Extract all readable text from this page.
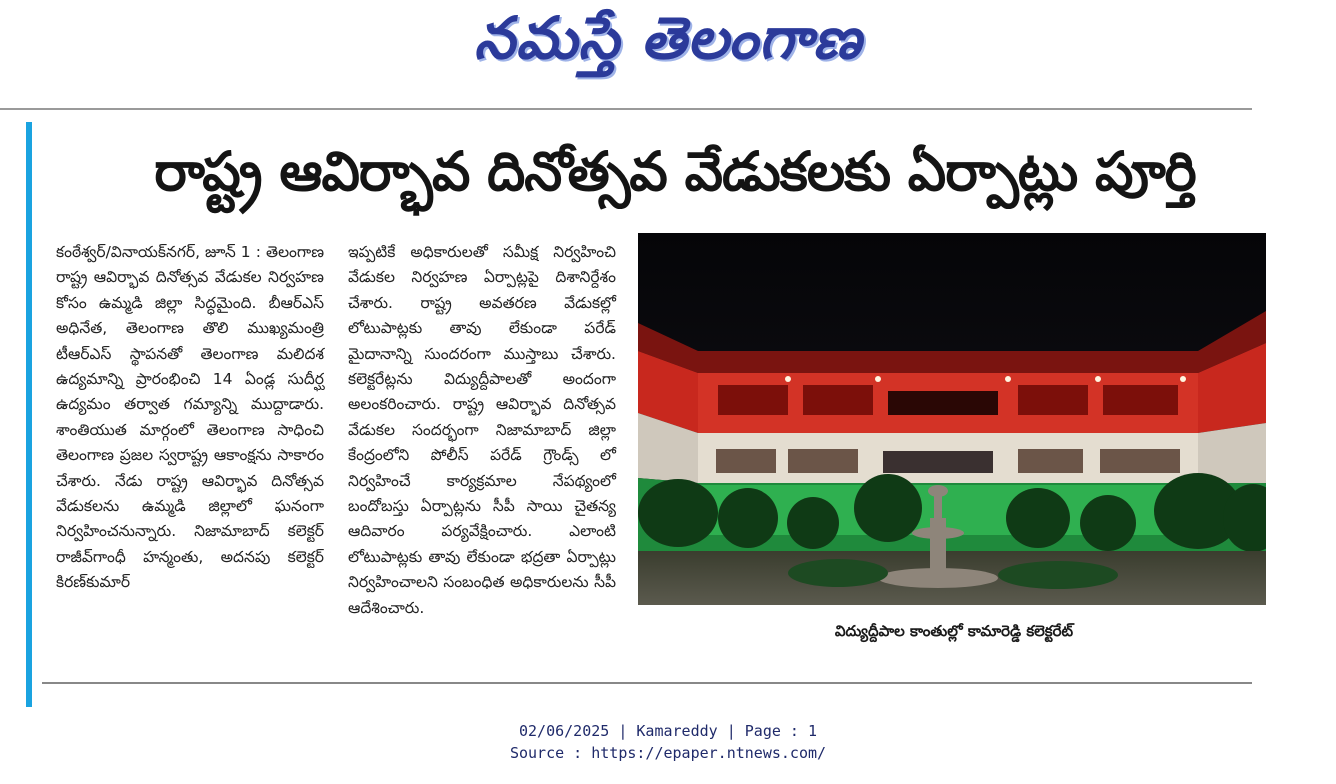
నమస్తే తెలంగాణ
రాష్ట్ర ఆవిర్భావ దినోత్సవ వేడుకలకు ఏర్పాట్లు పూర్తి

కంఠేశ్వర్/వినాయక్‌నగర్, జూన్ 1 : తెలంగాణ రాష్ట్ర ఆవిర్భావ దినోత్సవ వేడుకల నిర్వహణ కోసం ఉమ్మడి జిల్లా సిద్ధమైంది. బీఆర్‌ఎస్ అధినేత, తెలంగాణ తొలి ముఖ్యమంత్రి టీఆర్‌ఎస్ స్థాపనతో తెలంగాణ మలిదశ ఉద్యమాన్ని ప్రారంభించి 14 ఏండ్ల సుదీర్ఘ ఉద్యమం తర్వాత గమ్యాన్ని ముద్దాడారు. శాంతియుత మార్గంలో తెలంగాణ సాధించి తెలంగాణ ప్రజల స్వరాష్ట్ర ఆకాంక్షను సాకారం చేశారు. నేడు రాష్ట్ర ఆవిర్భావ దినోత్సవ వేడుకలను ఉమ్మడి జిల్లాలో ఘనంగా నిర్వహించనున్నారు. నిజామాబాద్ కలెక్టర్ రాజీవ్‌గాంధీ హన్మంతు, అదనపు కలెక్టర్ కిరణ్‌కుమార్

ఇప్పటికే అధికారులతో సమీక్ష నిర్వహించి వేడుకల నిర్వహణ ఏర్పాట్లపై దిశానిర్దేశం చేశారు. రాష్ట్ర అవతరణ వేడుకల్లో లోటుపాట్లకు తావు లేకుండా పరేడ్ మైదానాన్ని సుందరంగా ముస్తాబు చేశారు. కలెక్టరేట్లను విద్యుద్దీపాలతో అందంగా అలంకరించారు. రాష్ట్ర ఆవిర్భావ దినోత్సవ వేడుకల సందర్భంగా నిజామాబాద్ జిల్లా కేంద్రంలోని పోలీస్ పరేడ్ గ్రౌండ్స్ లో నిర్వహించే కార్యక్రమాల నేపథ్యంలో బందోబస్తు ఏర్పాట్లను సీపీ సాయి చైతన్య ఆదివారం పర్యవేక్షించారు. ఎలాంటి లోటుపాట్లకు తావు లేకుండా భద్రతా ఏర్పాట్లు నిర్వహించాలని సంబంధిత అధికారులను సీపీ ఆదేశించారు.

విద్యుద్దీపాల కాంతుల్లో కామారెడ్డి కలెక్టరేట్
02/06/2025 | Kamareddy | Page : 1
Source : https://epaper.ntnews.com/
